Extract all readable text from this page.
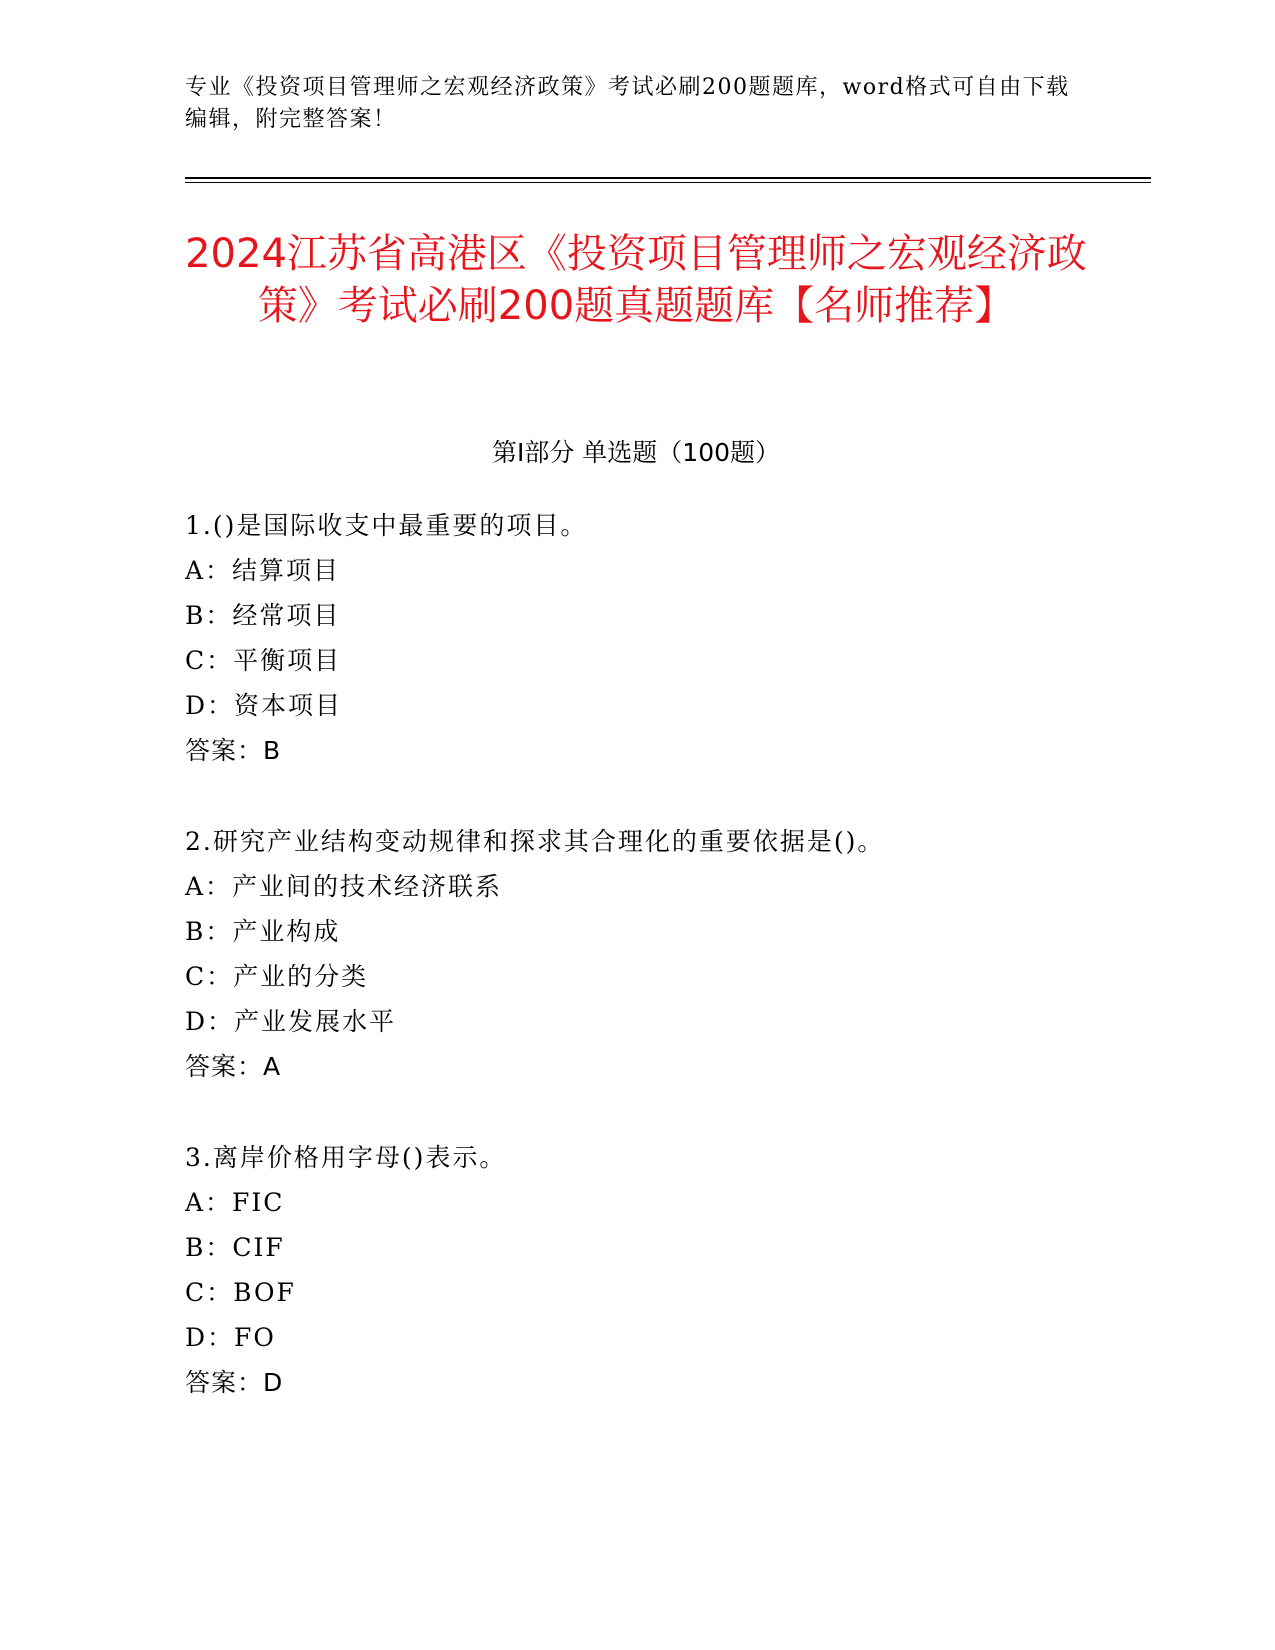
专业《投资项目管理师之宏观经济政策》考试必刷200题题库，word格式可自由下载编辑，附完整答案！
2024江苏省高港区《投资项目管理师之宏观经济政策》考试必刷200题真题题库【名师推荐】
第I部分 单选题（100题）
1.()是国际收支中最重要的项目。
A：结算项目
B：经常项目
C：平衡项目
D：资本项目
答案：B
2.研究产业结构变动规律和探求其合理化的重要依据是()。
A：产业间的技术经济联系
B：产业构成
C：产业的分类
D：产业发展水平
答案：A
3.离岸价格用字母()表示。
A：FIC
B：CIF
C：BOF
D：FO
答案：D
